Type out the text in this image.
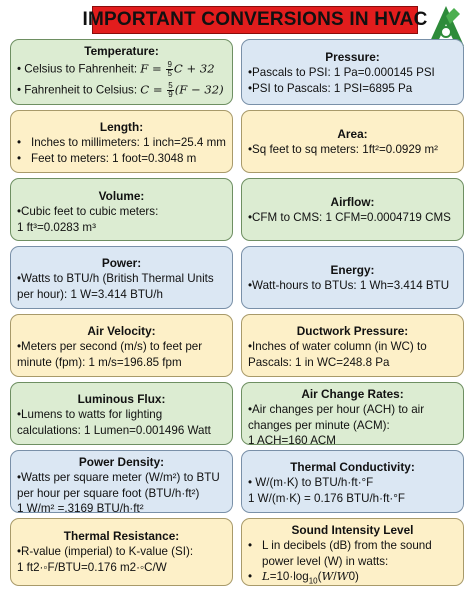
IMPORTANT CONVERSIONS IN HVAC
Temperature:
• Celsius to Fahrenheit: $F = \frac{9}{5}$ C + 32
• Fahrenheit to Celsius: $C = \frac{5}{9} (F - 32)$
Pressure:
•Pascals to PSI: 1 Pa=0.000145 PSI
•PSI to Pascals: 1 PSI=6895 Pa
Length:
• Inches to millimeters: 1 inch=25.4 mm
• Feet to meters: 1 foot=0.3048 m
Area:
•Sq feet to sq meters: 1ft²=0.0929 m²
Volume:
•Cubic feet to cubic meters:
1 ft³=0.0283 m³
Airflow:
•CFM to CMS: 1 CFM=0.0004719 CMS
Power:
•Watts to BTU/h (British Thermal Units per hour): 1 W=3.414 BTU/h
Energy:
•Watt-hours to BTUs: 1 Wh=3.414 BTU
Air Velocity:
•Meters per second (m/s) to feet per minute (fpm): 1 m/s=196.85 fpm
Ductwork Pressure:
•Inches of water column (in WC) to Pascals: 1 in WC=248.8 Pa
Luminous Flux:
•Lumens to watts for lighting calculations: 1 Lumen=0.001496 Watt
Air Change Rates:
•Air changes per hour (ACH) to air changes per minute (ACM):
1 ACH=160 ACM
Power Density:
•Watts per square meter (W/m²) to BTU per hour per square foot (BTU/h·ft²)
1 W/m² =.3169 BTU/h·ft²
Thermal Conductivity:
• W/(m·K) to BTU/h·ft·°F
1 W/(m·K) = 0.176 BTU/h·ft·°F
Thermal Resistance:
•R-value (imperial) to K-value (SI):
1 ft2·◦F/BTU=0.176 m2·◦C/W
Sound Intensity Level
• L in decibels (dB) from the sound power level (W) in watts:
• $L=10\cdot\log_{10}(W/W0)$
